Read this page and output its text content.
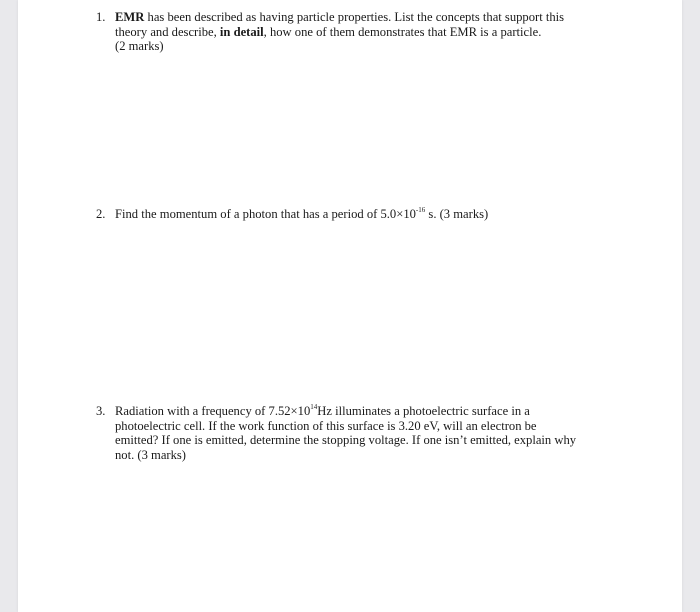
1. EMR has been described as having particle properties. List the concepts that support this
theory and describe, in detail, how one of them demonstrates that EMR is a particle.
(2 marks)
2. Find the momentum of a photon that has a period of $5.0\times 10^{-16}$ s. (3 marks)
3. Radiation with a frequency of $7.52\times 10^{14}Hz$ illuminates a photoelectric surface in a
photoelectric cell. If the work function of this surface is 3.20 eV, will an electron be
emitted? If one is emitted, determine the stopping voltage. If one isn’t emitted, explain why
not. (3 marks)
